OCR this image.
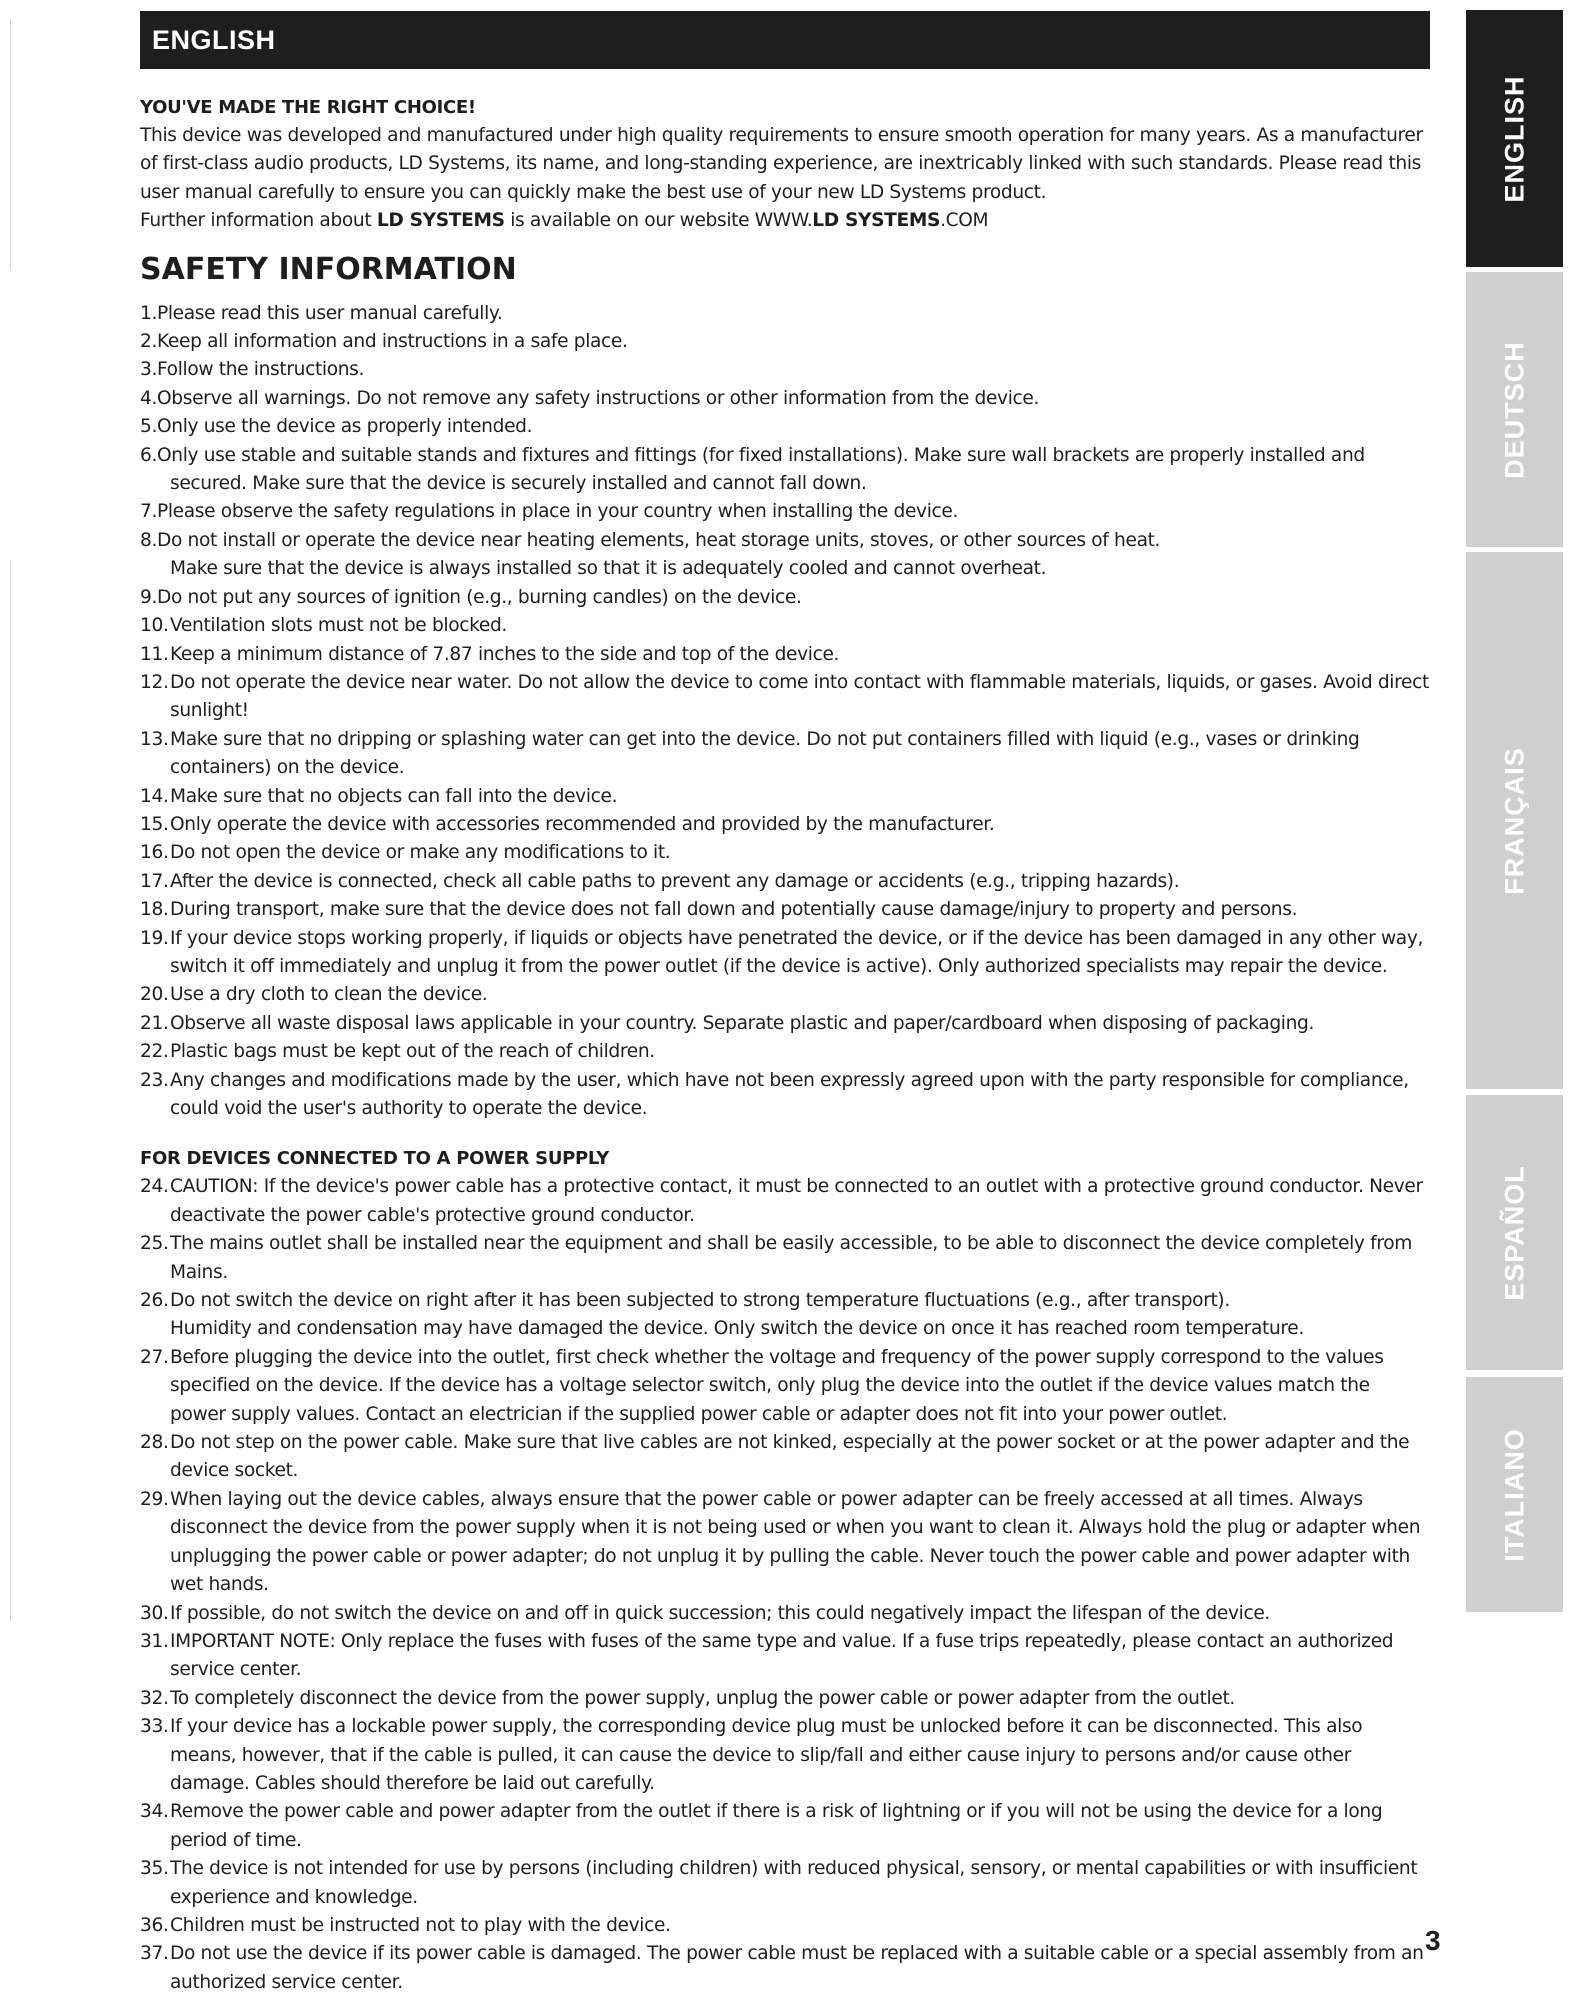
ENGLISH
YOU'VE MADE THE RIGHT CHOICE!

This device was developed and manufactured under high quality requirements to ensure smooth operation for many years. As a manufacturer of first-class audio products, LD Systems, its name, and long-standing experience, are inextricably linked with such standards. Please read this user manual carefully to ensure you can quickly make the best use of your new LD Systems product.

Further information about LD SYSTEMS is available on our website WWW.LD SYSTEMS.COM

SAFETY INFORMATION
1. Please read this user manual carefully.
2. Keep all information and instructions in a safe place.
3. Follow the instructions.
4. Observe all warnings. Do not remove any safety instructions or other information from the device.
5. Only use the device as properly intended.
6. Only use stable and suitable stands and fixtures and fittings (for fixed installations). Make sure wall brackets are properly installed and secured. Make sure that the device is securely installed and cannot fall down.
7. Please observe the safety regulations in place in your country when installing the device.
8. Do not install or operate the device near heating elements, heat storage units, stoves, or other sources of heat.
Make sure that the device is always installed so that it is adequately cooled and cannot overheat.
9. Do not put any sources of ignition (e.g., burning candles) on the device.
10. Ventilation slots must not be blocked.
11. Keep a minimum distance of 7.87 inches to the side and top of the device.
12. Do not operate the device near water. Do not allow the device to come into contact with flammable materials, liquids, or gases. Avoid direct sunlight!
13. Make sure that no dripping or splashing water can get into the device. Do not put containers filled with liquid (e.g., vases or drinking containers) on the device.
14. Make sure that no objects can fall into the device.
15. Only operate the device with accessories recommended and provided by the manufacturer.
16. Do not open the device or make any modifications to it.
17. After the device is connected, check all cable paths to prevent any damage or accidents (e.g., tripping hazards).
18. During transport, make sure that the device does not fall down and potentially cause damage/injury to property and persons.
19. If your device stops working properly, if liquids or objects have penetrated the device, or if the device has been damaged in any other way, switch it off immediately and unplug it from the power outlet (if the device is active). Only authorized specialists may repair the device.
20. Use a dry cloth to clean the device.
21. Observe all waste disposal laws applicable in your country. Separate plastic and paper/cardboard when disposing of packaging.
22. Plastic bags must be kept out of the reach of children.
23. Any changes and modifications made by the user, which have not been expressly agreed upon with the party responsible for compliance, could void the user's authority to operate the device.
FOR DEVICES CONNECTED TO A POWER SUPPLY
24. CAUTION: If the device's power cable has a protective contact, it must be connected to an outlet with a protective ground conductor. Never deactivate the power cable's protective ground conductor.
25. The mains outlet shall be installed near the equipment and shall be easily accessible, to be able to disconnect the device completely from Mains.
26. Do not switch the device on right after it has been subjected to strong temperature fluctuations (e.g., after transport).
Humidity and condensation may have damaged the device. Only switch the device on once it has reached room temperature.
27. Before plugging the device into the outlet, first check whether the voltage and frequency of the power supply correspond to the values specified on the device. If the device has a voltage selector switch, only plug the device into the outlet if the device values match the power supply values. Contact an electrician if the supplied power cable or adapter does not fit into your power outlet.
28. Do not step on the power cable. Make sure that live cables are not kinked, especially at the power socket or at the power adapter and the device socket.
29. When laying out the device cables, always ensure that the power cable or power adapter can be freely accessed at all times. Always disconnect the device from the power supply when it is not being used or when you want to clean it. Always hold the plug or adapter when unplugging the power cable or power adapter; do not unplug it by pulling the cable. Never touch the power cable and power adapter with wet hands.
30. If possible, do not switch the device on and off in quick succession; this could negatively impact the lifespan of the device.
31. IMPORTANT NOTE: Only replace the fuses with fuses of the same type and value. If a fuse trips repeatedly, please contact an authorized service center.
32. To completely disconnect the device from the power supply, unplug the power cable or power adapter from the outlet.
33. If your device has a lockable power supply, the corresponding device plug must be unlocked before it can be disconnected. This also means, however, that if the cable is pulled, it can cause the device to slip/fall and either cause injury to persons and/or cause other damage. Cables should therefore be laid out carefully.
34. Remove the power cable and power adapter from the outlet if there is a risk of lightning or if you will not be using the device for a long period of time.
35. The device is not intended for use by persons (including children) with reduced physical, sensory, or mental capabilities or with insufficient experience and knowledge.
36. Children must be instructed not to play with the device.
37. Do not use the device if its power cable is damaged. The power cable must be replaced with a suitable cable or a special assembly from an authorized service center.
ENGLISH
DEUTSCH
FRANÇAIS
ESPAÑOL
ITALIANO
3
